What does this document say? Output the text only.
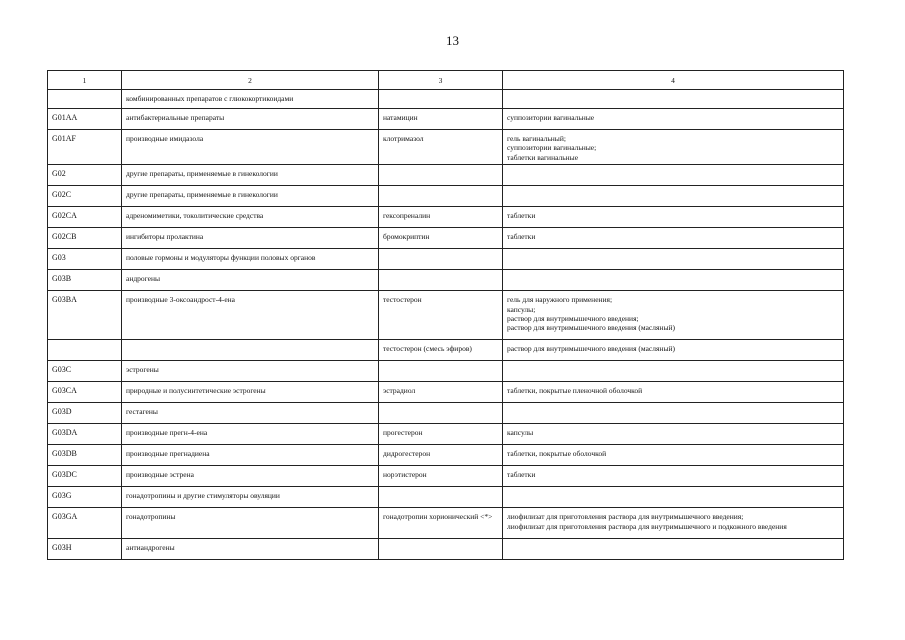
13
1	2	3	4
	комбинированных препаратов с глюкокортикоидами		
G01AA	антибактериальные препараты	натамицин	суппозитории вагинальные

G01AF	производные имидазола	клотримазол	гель вагинальный;
суппозитории вагинальные;
таблетки вагинальные

G02	другие препараты, применяемые в гинекологии		
G02C	другие препараты, применяемые в гинекологии		
G02CA	адреномиметики, токолитические средства	гексопреналин	таблетки

G02CB	ингибиторы пролактина	бромокриптин	таблетки

G03	половые гормоны и модуляторы функции половых органов		
G03B	андрогены		
G03BA	производные 3-оксоандрост-4-ена	тестостерон	гель для наружного применения;
капсулы;
раствор для внутримышечного введения;
раствор для внутримышечного введения (масляный)

		тестостерон (смесь эфиров)	раствор для внутримышечного введения (масляный)

G03C	эстрогены		
G03CA	природные и полусинтетические эстрогены	эстрадиол	таблетки, покрытые пленочной оболочкой

G03D	гестагены		
G03DA	производные прегн-4-ена	прогестерон	капсулы

G03DB	производные прегнадиена	дидрогестерон	таблетки, покрытые оболочкой

G03DC	производные эстрена	норэтистерон	таблетки

G03G	гонадотропины и другие стимуляторы овуляции		
G03GA	гонадотропины	гонадотропин хорионический <*>	лиофилизат для приготовления раствора для внутримышечного введения;
лиофилизат для приготовления раствора для внутримышечного и подкожного введения

G03H	антиандрогены		
